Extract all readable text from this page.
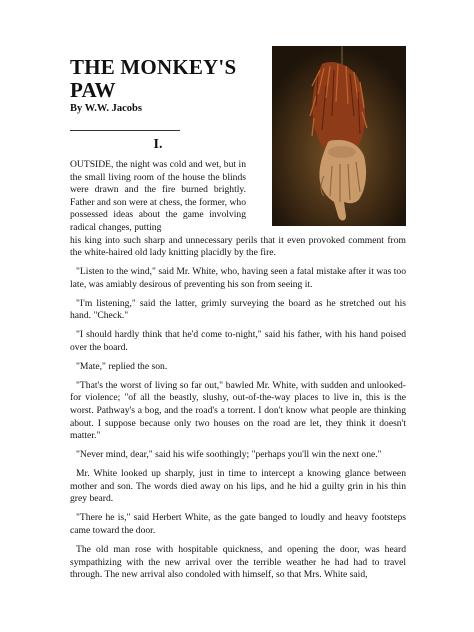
THE MONKEY'S PAW

By W.W. Jacobs

I.

OUTSIDE, the night was cold and wet, but in the small living room of the house the blinds were drawn and the fire burned brightly. Father and son were at chess, the former, who possessed ideas about the game involving radical changes, putting

his king into such sharp and unnecessary perils that it even provoked comment from the white-haired old lady knitting placidly by the fire.

"Listen to the wind," said Mr. White, who, having seen a fatal mistake after it was too late, was amiably desirous of preventing his son from seeing it.

"I'm listening," said the latter, grimly surveying the board as he stretched out his hand. "Check."

"I should hardly think that he'd come to-night," said his father, with his hand poised over the board.

"Mate," replied the son.

"That's the worst of living so far out," bawled Mr. White, with sudden and unlooked-for violence; "of all the beastly, slushy, out-of-the-way places to live in, this is the worst. Pathway's a bog, and the road's a torrent. I don't know what people are thinking about. I suppose because only two houses on the road are let, they think it doesn't matter."

"Never mind, dear," said his wife soothingly; "perhaps you'll win the next one."

Mr. White looked up sharply, just in time to intercept a knowing glance between mother and son. The words died away on his lips, and he hid a guilty grin in his thin grey beard.

"There he is," said Herbert White, as the gate banged to loudly and heavy footsteps came toward the door.

The old man rose with hospitable quickness, and opening the door, was heard sympathizing with the new arrival over the terrible weather he had had to travel through. The new arrival also condoled with himself, so that Mrs. White said,
